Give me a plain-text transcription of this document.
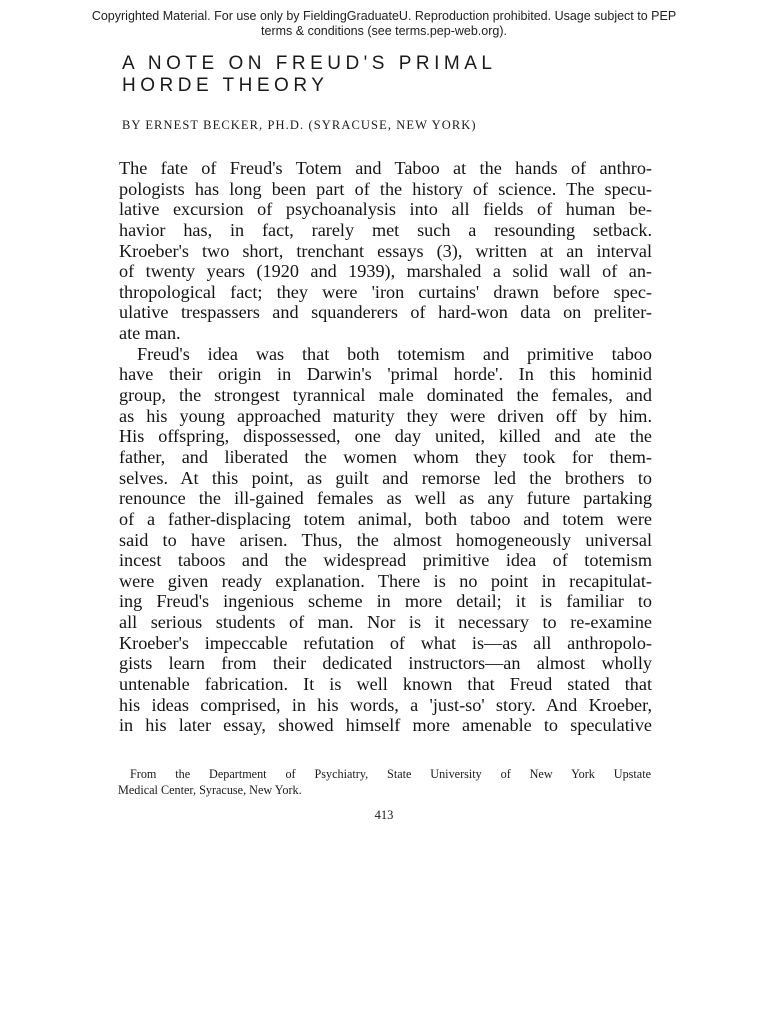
Copyrighted Material. For use only by FieldingGraduateU. Reproduction prohibited. Usage subject to PEP
terms & conditions (see terms.pep-web.org).
A NOTE ON FREUD'S PRIMAL
HORDE THEORY
BY ERNEST BECKER, PH.D. (SYRACUSE, NEW YORK)
The fate of Freud's Totem and Taboo at the hands of anthro-
pologists has long been part of the history of science. The specu-
lative excursion of psychoanalysis into all fields of human be-
havior has, in fact, rarely met such a resounding setback.
Kroeber's two short, trenchant essays (3), written at an interval
of twenty years (1920 and 1939), marshaled a solid wall of an-
thropological fact; they were 'iron curtains' drawn before spec-
ulative trespassers and squanderers of hard-won data on preliter-
ate man.
Freud's idea was that both totemism and primitive taboo
have their origin in Darwin's 'primal horde'. In this hominid
group, the strongest tyrannical male dominated the females, and
as his young approached maturity they were driven off by him.
His offspring, dispossessed, one day united, killed and ate the
father, and liberated the women whom they took for them-
selves. At this point, as guilt and remorse led the brothers to
renounce the ill-gained females as well as any future partaking
of a father-displacing totem animal, both taboo and totem were
said to have arisen. Thus, the almost homogeneously universal
incest taboos and the widespread primitive idea of totemism
were given ready explanation. There is no point in recapitulat-
ing Freud's ingenious scheme in more detail; it is familiar to
all serious students of man. Nor is it necessary to re-examine
Kroeber's impeccable refutation of what is—as all anthropolo-
gists learn from their dedicated instructors—an almost wholly
untenable fabrication. It is well known that Freud stated that
his ideas comprised, in his words, a 'just-so' story. And Kroeber,
in his later essay, showed himself more amenable to speculative
From the Department of Psychiatry, State University of New York Upstate
Medical Center, Syracuse, New York.
413
